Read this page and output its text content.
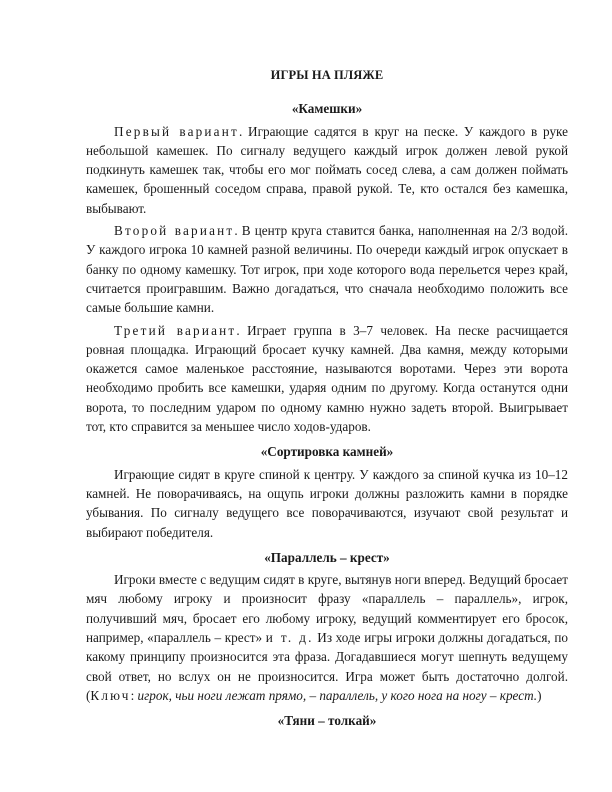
ИГРЫ НА ПЛЯЖЕ
«Камешки»

Первый вариант. Играющие садятся в круг на песке. У каждого в руке небольшой камешек. По сигналу ведущего каждый игрок должен левой рукой подкинуть камешек так, чтобы его мог поймать сосед слева, а сам должен поймать камешек, брошенный соседом справа, правой рукой. Те, кто остался без камешка, выбывают.

Второй вариант. В центр круга ставится банка, наполненная на 2/3 водой. У каждого игрока 10 камней разной величины. По очереди каждый игрок опускает в банку по одному камешку. Тот игрок, при ходе которого вода перельется через край, считается проигравшим. Важно догадаться, что сначала необходимо положить все самые большие камни.

Третий вариант. Играет группа в 3–7 человек. На песке расчищается ровная площадка. Играющий бросает кучку камней. Два камня, между которыми окажется самое маленькое расстояние, называются воротами. Через эти ворота необходимо пробить все камешки, ударяя одним по другому. Когда останутся одни ворота, то последним ударом по одному камню нужно задеть второй. Выигрывает тот, кто справится за меньшее число ходов-ударов.

«Сортировка камней»

Играющие сидят в круге спиной к центру. У каждого за спиной кучка из 10–12 камней. Не поворачиваясь, на ощупь игроки должны разложить камни в порядке убывания. По сигналу ведущего все поворачиваются, изучают свой результат и выбирают победителя.

«Параллель – крест»

Игроки вместе с ведущим сидят в круге, вытянув ноги вперед. Ведущий бросает мяч любому игроку и произносит фразу «параллель – параллель», игрок, получивший мяч, бросает его любому игроку, ведущий комментирует его бросок, например, «параллель – крест» и т. д. Из ходе игры игроки должны догадаться, по какому принципу произносится эта фраза. Догадавшиеся могут шепнуть ведущему свой ответ, но вслух он не произносится. Игра может быть достаточно долгой. (Ключ: игрок, чьи ноги лежат прямо, – параллель, у кого нога на ногу – крест.)

«Тяни – толкай»
